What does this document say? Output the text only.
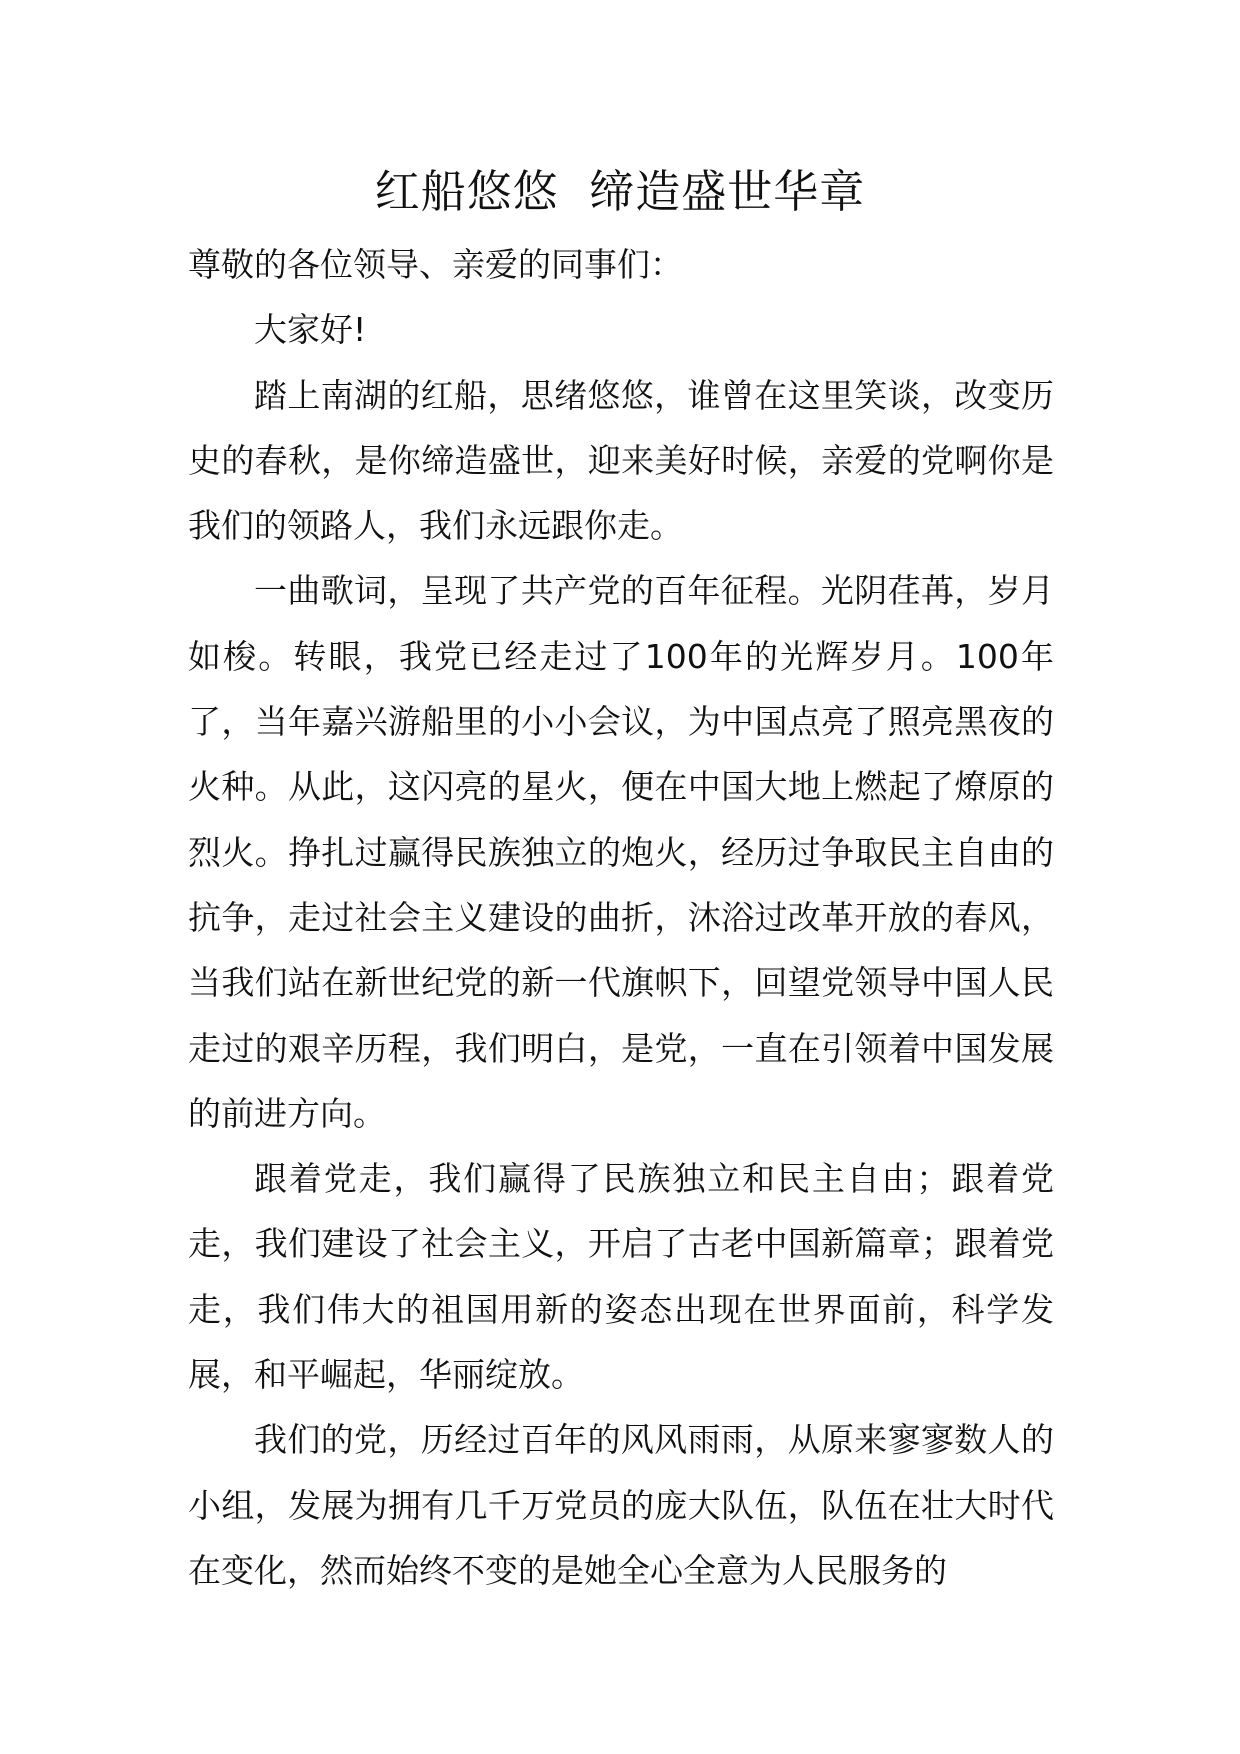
红船悠悠  缔造盛世华章

尊敬的各位领导、亲爱的同事们：

大家好!

踏上南湖的红船，思绪悠悠，谁曾在这里笑谈，改变历史的春秋，是你缔造盛世，迎来美好时候，亲爱的党啊你是我们的领路人，我们永远跟你走。

一曲歌词，呈现了共产党的百年征程。光阴荏苒，岁月如梭。转眼，我党已经走过了100年的光辉岁月。100年了，当年嘉兴游船里的小小会议，为中国点亮了照亮黑夜的火种。从此，这闪亮的星火，便在中国大地上燃起了燎原的烈火。挣扎过赢得民族独立的炮火，经历过争取民主自由的抗争，走过社会主义建设的曲折，沐浴过改革开放的春风，当我们站在新世纪党的新一代旗帜下，回望党领导中国人民走过的艰辛历程，我们明白，是党，一直在引领着中国发展的前进方向。

跟着党走，我们赢得了民族独立和民主自由；跟着党走，我们建设了社会主义，开启了古老中国新篇章；跟着党走，我们伟大的祖国用新的姿态出现在世界面前，科学发展，和平崛起，华丽绽放。

我们的党，历经过百年的风风雨雨，从原来寥寥数人的小组，发展为拥有几千万党员的庞大队伍，队伍在壮大时代在变化，然而始终不变的是她全心全意为人民服务的
